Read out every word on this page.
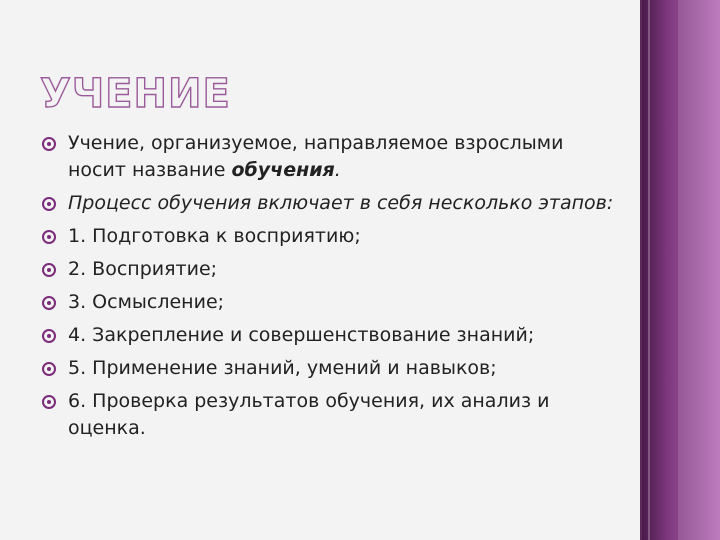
УЧЕНИЕ
Учение, организуемое, направляемое взрослыми носит название обучения.
Процесс обучения включает в себя несколько этапов:
1. Подготовка к восприятию;
2. Восприятие;
3. Осмысление;
4. Закрепление и совершенствование знаний;
5. Применение знаний, умений и навыков;
6. Проверка результатов обучения, их анализ и оценка.
